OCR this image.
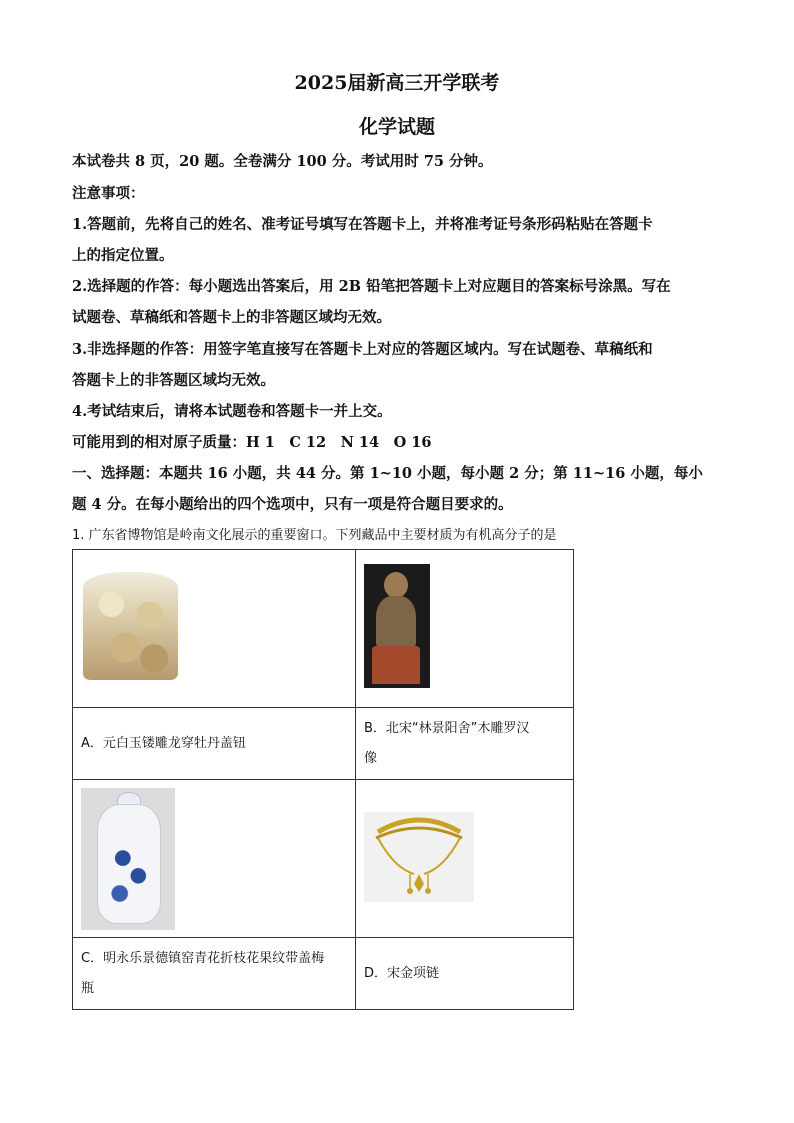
2025届新高三开学联考
化学试题
本试卷共 8 页，20 题。全卷满分 100 分。考试用时 75 分钟。
注意事项：
1.答题前，先将自己的姓名、准考证号填写在答题卡上，并将准考证号条形码粘贴在答题卡
上的指定位置。
2.选择题的作答：每小题选出答案后，用 2B 铅笔把答题卡上对应题目的答案标号涂黑。写在
试题卷、草稿纸和答题卡上的非答题区域均无效。
3.非选择题的作答：用签字笔直接写在答题卡上对应的答题区域内。写在试题卷、草稿纸和
答题卡上的非答题区域均无效。
4.考试结束后，请将本试题卷和答题卡一并上交。
可能用到的相对原子质量：H 1　C 12　N 14　O 16
一、选择题：本题共 16 小题，共 44 分。第 1~10 小题，每小题 2 分；第 11~16 小题，每小
题 4 分。在每小题给出的四个选项中，只有一项是符合题目要求的。
1. 广东省博物馆是岭南文化展示的重要窗口。下列藏品中主要材质为有机高分子的是

A．元白玉镂雕龙穿牡丹盖钮	B．北宋“林景阳舍”木雕罗汉
像

C．明永乐景德镇窑青花折枝花果纹带盖梅
瓶	D．宋金项链
